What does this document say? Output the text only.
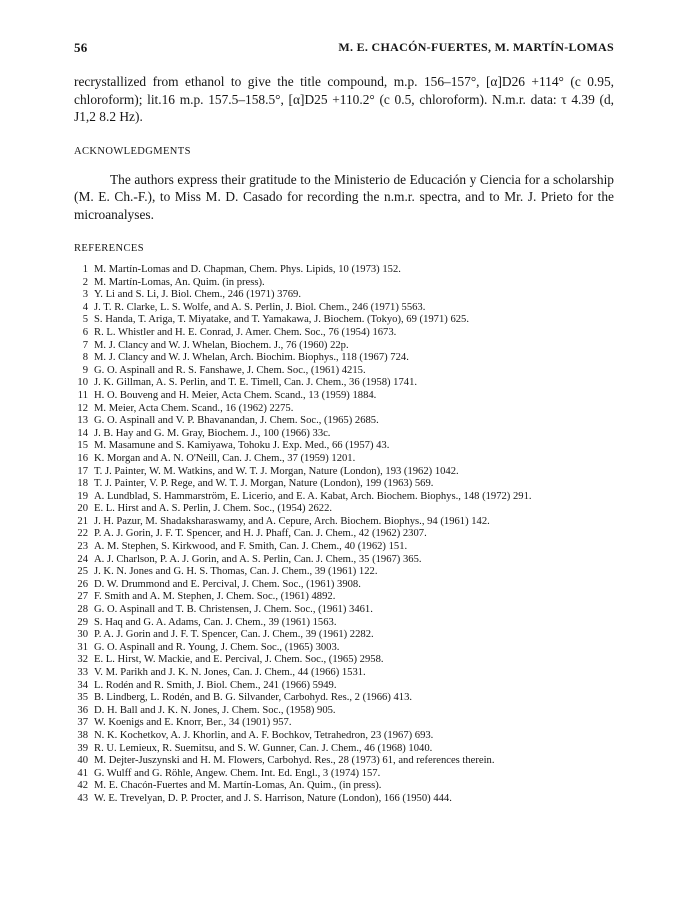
56	M. E. CHACÓN-FUERTES, M. MARTÍN-LOMAS

recrystallized from ethanol to give the title compound, m.p. 156–157°, [α]D26 +114° (c 0.95, chloroform); lit.16 m.p. 157.5–158.5°, [α]D25 +110.2° (c 0.5, chloroform). N.m.r. data: τ 4.39 (d, J1,2 8.2 Hz).

ACKNOWLEDGMENTS

The authors express their gratitude to the Ministerio de Educación y Ciencia for a scholarship (M. E. Ch.-F.), to Miss M. D. Casado for recording the n.m.r. spectra, and to Mr. J. Prieto for the microanalyses.

REFERENCES
1 M. Martín-Lomas and D. Chapman, Chem. Phys. Lipids, 10 (1973) 152.
2 M. Martín-Lomas, An. Quim. (in press).
3 Y. Li and S. Li, J. Biol. Chem., 246 (1971) 3769.
4 J. T. R. Clarke, L. S. Wolfe, and A. S. Perlin, J. Biol. Chem., 246 (1971) 5563.
5 S. Handa, T. Ariga, T. Miyatake, and T. Yamakawa, J. Biochem. (Tokyo), 69 (1971) 625.
6 R. L. Whistler and H. E. Conrad, J. Amer. Chem. Soc., 76 (1954) 1673.
7 M. J. Clancy and W. J. Whelan, Biochem. J., 76 (1960) 22p.
8 M. J. Clancy and W. J. Whelan, Arch. Biochim. Biophys., 118 (1967) 724.
9 G. O. Aspinall and R. S. Fanshawe, J. Chem. Soc., (1961) 4215.
10 J. K. Gillman, A. S. Perlin, and T. E. Timell, Can. J. Chem., 36 (1958) 1741.
11 H. O. Bouveng and H. Meier, Acta Chem. Scand., 13 (1959) 1884.
12 M. Meier, Acta Chem. Scand., 16 (1962) 2275.
13 G. O. Aspinall and V. P. Bhavanandan, J. Chem. Soc., (1965) 2685.
14 J. B. Hay and G. M. Gray, Biochem. J., 100 (1966) 33c.
15 M. Masamune and S. Kamiyawa, Tohoku J. Exp. Med., 66 (1957) 43.
16 K. Morgan and A. N. O'Neill, Can. J. Chem., 37 (1959) 1201.
17 T. J. Painter, W. M. Watkins, and W. T. J. Morgan, Nature (London), 193 (1962) 1042.
18 T. J. Painter, V. P. Rege, and W. T. J. Morgan, Nature (London), 199 (1963) 569.
19 A. Lundblad, S. Hammarström, E. Licerio, and E. A. Kabat, Arch. Biochem. Biophys., 148 (1972) 291.
20 E. L. Hirst and A. S. Perlin, J. Chem. Soc., (1954) 2622.
21 J. H. Pazur, M. Shadaksharaswamy, and A. Cepure, Arch. Biochem. Biophys., 94 (1961) 142.
22 P. A. J. Gorin, J. F. T. Spencer, and H. J. Phaff, Can. J. Chem., 42 (1962) 2307.
23 A. M. Stephen, S. Kirkwood, and F. Smith, Can. J. Chem., 40 (1962) 151.
24 A. J. Charlson, P. A. J. Gorin, and A. S. Perlin, Can. J. Chem., 35 (1967) 365.
25 J. K. N. Jones and G. H. S. Thomas, Can. J. Chem., 39 (1961) 122.
26 D. W. Drummond and E. Percival, J. Chem. Soc., (1961) 3908.
27 F. Smith and A. M. Stephen, J. Chem. Soc., (1961) 4892.
28 G. O. Aspinall and T. B. Christensen, J. Chem. Soc., (1961) 3461.
29 S. Haq and G. A. Adams, Can. J. Chem., 39 (1961) 1563.
30 P. A. J. Gorin and J. F. T. Spencer, Can. J. Chem., 39 (1961) 2282.
31 G. O. Aspinall and R. Young, J. Chem. Soc., (1965) 3003.
32 E. L. Hirst, W. Mackie, and E. Percival, J. Chem. Soc., (1965) 2958.
33 V. M. Parikh and J. K. N. Jones, Can. J. Chem., 44 (1966) 1531.
34 L. Rodén and R. Smith, J. Biol. Chem., 241 (1966) 5949.
35 B. Lindberg, L. Rodén, and B. G. Silvander, Carbohyd. Res., 2 (1966) 413.
36 D. H. Ball and J. K. N. Jones, J. Chem. Soc., (1958) 905.
37 W. Koenigs and E. Knorr, Ber., 34 (1901) 957.
38 N. K. Kochetkov, A. J. Khorlin, and A. F. Bochkov, Tetrahedron, 23 (1967) 693.
39 R. U. Lemieux, R. Suemitsu, and S. W. Gunner, Can. J. Chem., 46 (1968) 1040.
40 M. Dejter-Juszynski and H. M. Flowers, Carbohyd. Res., 28 (1973) 61, and references therein.
41 G. Wulff and G. Röhle, Angew. Chem. Int. Ed. Engl., 3 (1974) 157.
42 M. E. Chacón-Fuertes and M. Martín-Lomas, An. Quim., (in press).
43 W. E. Trevelyan, D. P. Procter, and J. S. Harrison, Nature (London), 166 (1950) 444.
